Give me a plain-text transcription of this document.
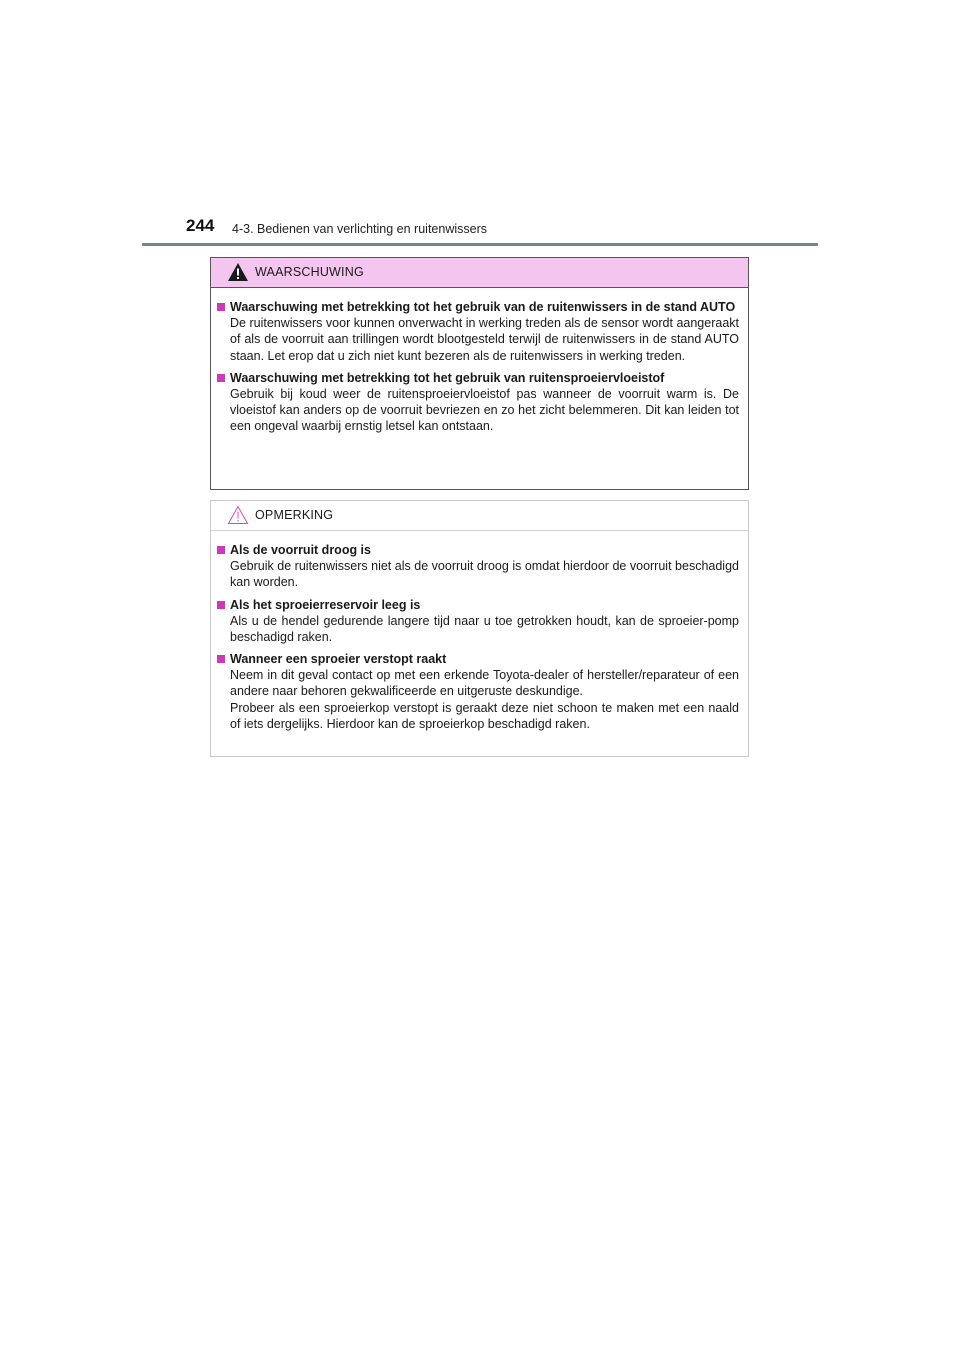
244 4-3. Bedienen van verlichting en ruitenwissers
WAARSCHUWING
Waarschuwing met betrekking tot het gebruik van de ruitenwissers in de stand AUTO
De ruitenwissers voor kunnen onverwacht in werking treden als de sensor wordt aangeraakt of als de voorruit aan trillingen wordt blootgesteld terwijl de ruitenwissers in de stand AUTO staan. Let erop dat u zich niet kunt bezeren als de ruitenwissers in werking treden.
Waarschuwing met betrekking tot het gebruik van ruitensproeiervloeistof
Gebruik bij koud weer de ruitensproeiervloeistof pas wanneer de voorruit warm is. De vloeistof kan anders op de voorruit bevriezen en zo het zicht belemmeren. Dit kan leiden tot een ongeval waarbij ernstig letsel kan ontstaan.
OPMERKING
Als de voorruit droog is
Gebruik de ruitenwissers niet als de voorruit droog is omdat hierdoor de voorruit beschadigd kan worden.
Als het sproeierreservoir leeg is
Als u de hendel gedurende langere tijd naar u toe getrokken houdt, kan de sproeier-pomp beschadigd raken.
Wanneer een sproeier verstopt raakt

Neem in dit geval contact op met een erkende Toyota-dealer of hersteller/reparateur of een andere naar behoren gekwalificeerde en uitgeruste deskundige.

Probeer als een sproeierkop verstopt is geraakt deze niet schoon te maken met een naald of iets dergelijks. Hierdoor kan de sproeierkop beschadigd raken.
